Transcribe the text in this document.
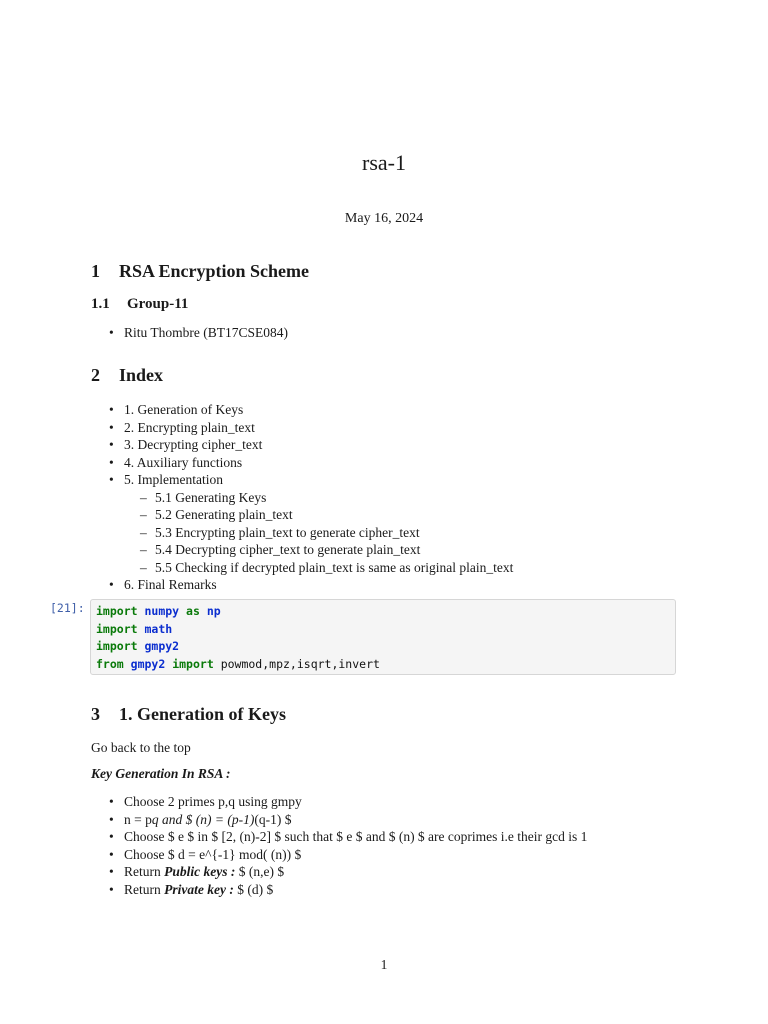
rsa-1
May 16, 2024
1 RSA Encryption Scheme
1.1 Group-11
• Ritu Thombre (BT17CSE084)
2 Index
• 1. Generation of Keys
• 2. Encrypting plain_text
• 3. Decrypting cipher_text
• 4. Auxiliary functions
• 5. Implementation
– 5.1 Generating Keys
– 5.2 Generating plain_text
– 5.3 Encrypting plain_text to generate cipher_text
– 5.4 Decrypting cipher_text to generate plain_text
– 5.5 Checking if decrypted plain_text is same as original plain_text
• 6. Final Remarks
[21]: import numpy as np
import math
import gmpy2
from gmpy2 import powmod,mpz,isqrt,invert
3 1. Generation of Keys
Go back to the top
Key Generation In RSA :
• Choose 2 primes p,q using gmpy
• n = pq and $ (n) = (p-1)(q-1) $
• Choose $ e $ in $ [2, (n)-2] $ such that $ e $ and $ (n) $ are coprimes i.e their gcd is 1
• Choose $ d = e^{-1} mod( (n)) $
• Return Public keys : $ (n,e) $
• Return Private key : $ (d) $
1
